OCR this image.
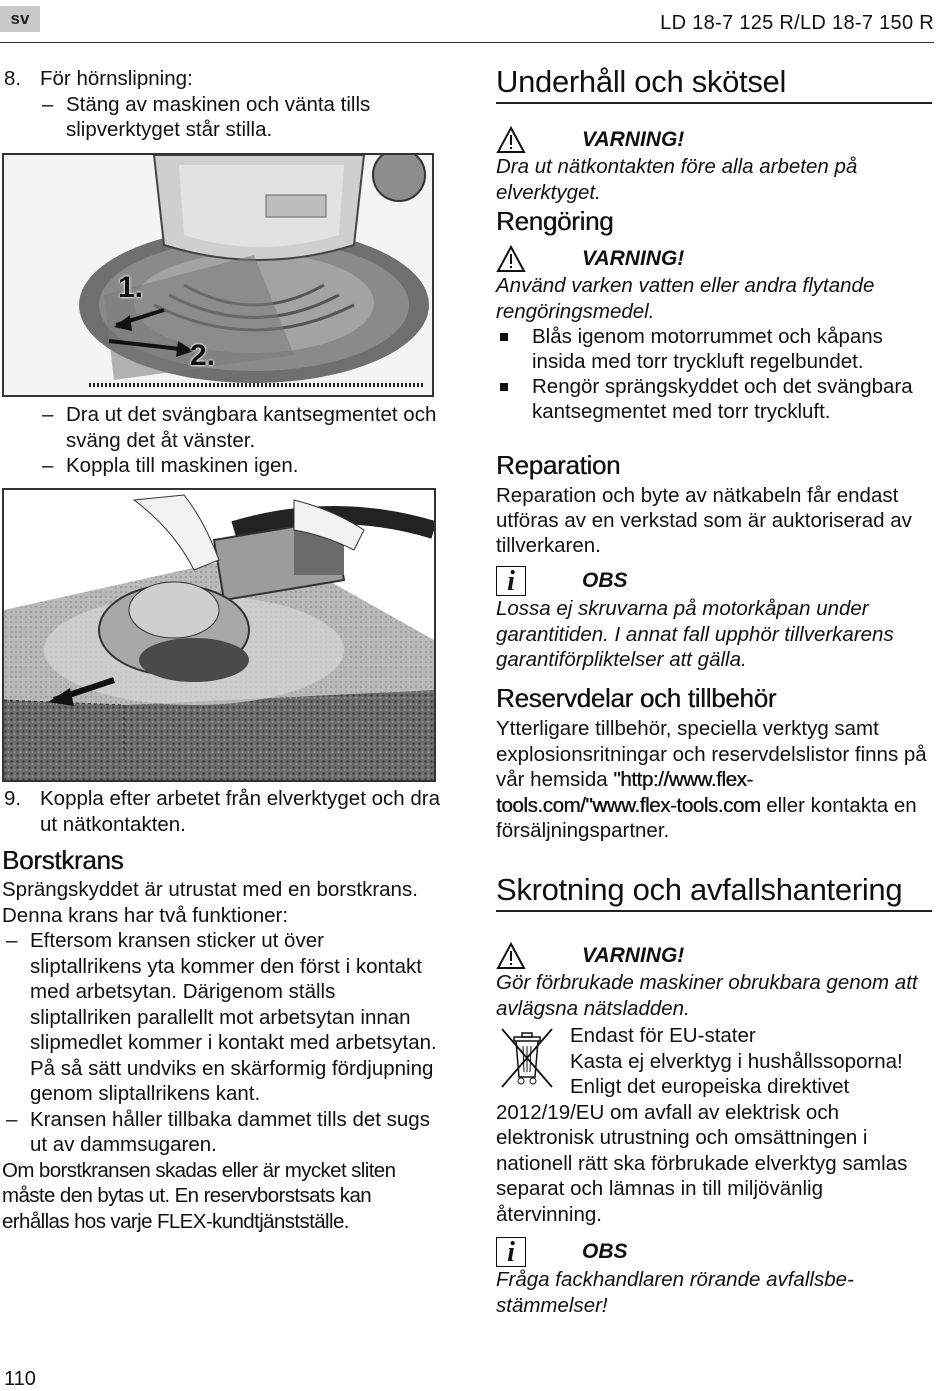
sv	LD 18-7 125 R/LD 18-7 150 R
8. För hörnslipning:
– Stäng av maskinen och vänta tills slipverktyget står stilla.
1.
2.
– Dra ut det svängbara kantsegmentet och sväng det åt vänster.
– Koppla till maskinen igen.
9. Koppla efter arbetet från elverktyget och dra ut nätkontakten.
Borstkrans
Sprängskyddet är utrustat med en borstkrans. Denna krans har två funktioner:
– Eftersom kransen sticker ut över sliptallrikens yta kommer den först i kontakt med arbetsytan. Därigenom ställs sliptallriken parallellt mot arbetsytan innan slipmedlet kommer i kontakt med arbetsytan. På så sätt undviks en skärformig fördjupning genom sliptallrikens kant.
– Kransen håller tillbaka dammet tills det sugs ut av dammsugaren.
Om borstkransen skadas eller är mycket sliten måste den bytas ut. En reservborstsats kan erhållas hos varje FLEX-kundtjänstställe.
Underhåll och skötsel
VARNING!
Dra ut nätkontakten före alla arbeten på elverktyget.
Rengöring
VARNING!
Använd varken vatten eller andra flytande rengöringsmedel.
Blås igenom motorrummet och kåpans insida med torr tryckluft regelbundet.
Rengör sprängskyddet och det svängbara kantsegmentet med torr tryckluft.
Reparation
Reparation och byte av nätkabeln får endast utföras av en verkstad som är auktoriserad av tillverkaren.
i	OBS
Lossa ej skruvarna på motorkåpan under garantitiden. I annat fall upphör tillverkarens garantiförpliktelser att gälla.
Reservdelar och tillbehör
Ytterligare tillbehör, speciella verktyg samt explosionsritningar och reservdelslistor finns på vår hemsida "http://www.flex-tools.com/"www.flex-tools.com eller kontakta en försäljningspartner.
Skrotning och avfallshantering
VARNING!
Gör förbrukade maskiner obrukbara genom att avlägsna nätsladden.
Endast för EU-stater
Kasta ej elverktyg i hushållssoporna!
Enligt det europeiska direktivet
2012/19/EU om avfall av elektrisk och elektronisk utrustning och omsättningen i nationell rätt ska förbrukade elverktyg samlas separat och lämnas in till miljövänlig återvinning.
i	OBS
Fråga fackhandlaren rörande avfallsbe-stämmelser!
110
